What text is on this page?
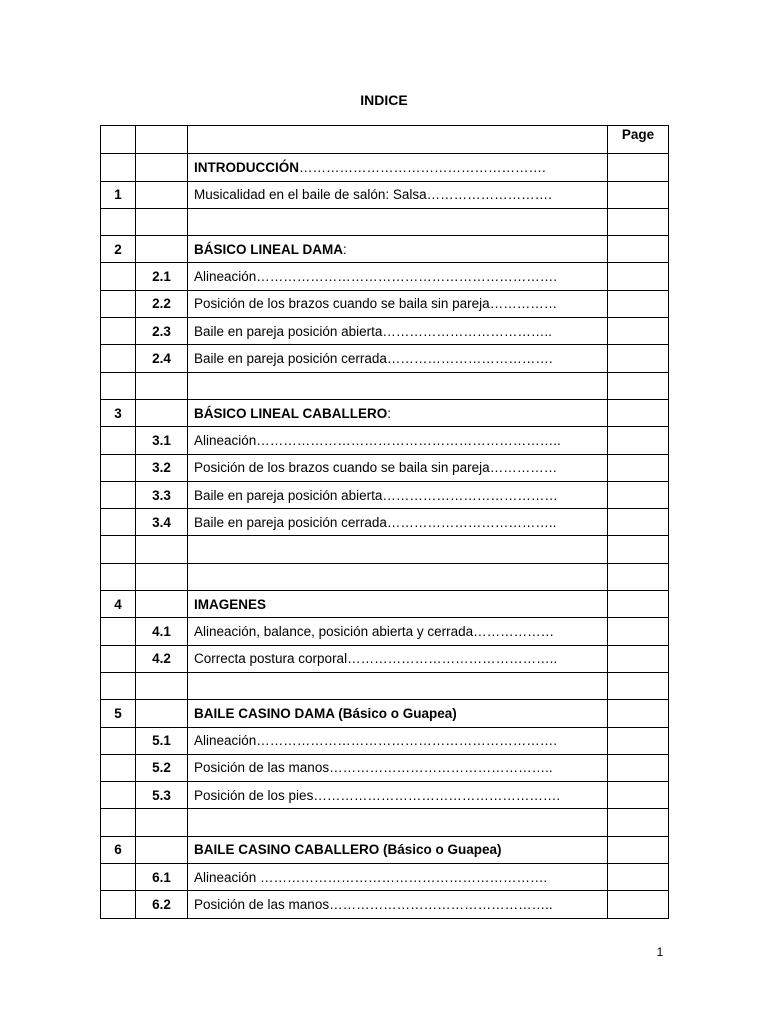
INDICE
			Page
		INTRODUCCIÓN……………………………………………….	
1		Musicalidad en el baile de salón: Salsa……………………….	

2		BÁSICO LINEAL DAMA:	
	2.1	Alineación………………………………………………………….	
	2.2	Posición de los brazos cuando se baila sin pareja……………	
	2.3	Baile en pareja posición abierta………………………………..	
	2.4	Baile en pareja posición cerrada……………………………….	

3		BÁSICO LINEAL CABALLERO:	
	3.1	Alineación…………………………………………………………..	
	3.2	Posición de los brazos cuando se baila sin pareja……………	
	3.3	Baile en pareja posición abierta…………………………………	
	3.4	Baile en pareja posición cerrada………………………………..	

4		IMAGENES	
	4.1	Alineación, balance, posición abierta y cerrada………………	
	4.2	Correcta postura corporal………………………………………..	

5		BAILE CASINO DAMA (Básico o Guapea)	
	5.1	Alineación………………………………………………………….	
	5.2	Posición de las manos…………………………………………..	
	5.3	Posición de los pies……………………………………………….	

6		BAILE CASINO CABALLERO (Básico o Guapea)	
	6.1	Alineación ……………………………………………………….	
	6.2	Posición de las manos…………………………………………..	
1
